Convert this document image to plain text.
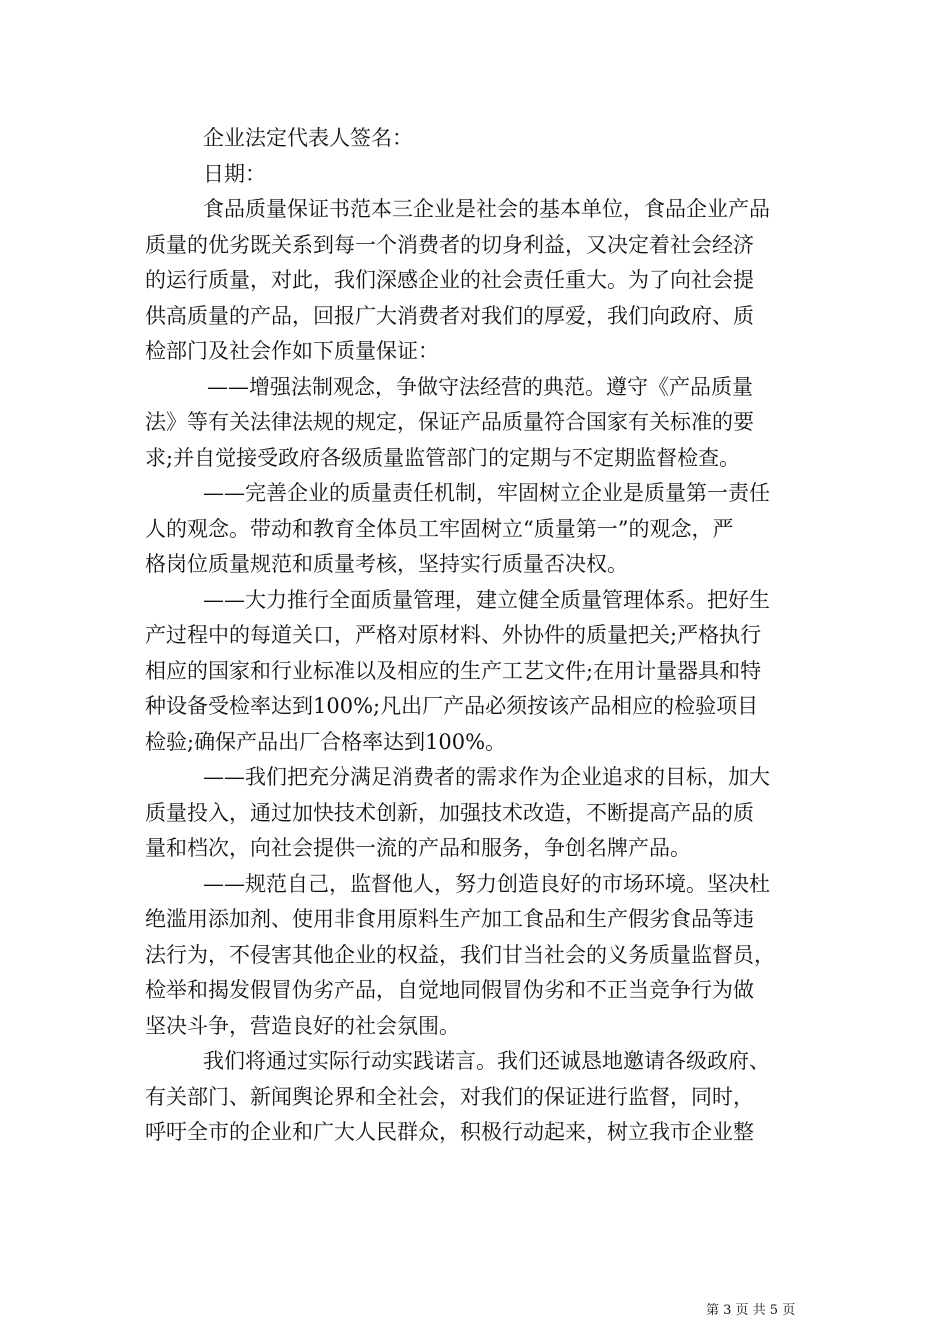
企业法定代表人签名：
日期：
食品质量保证书范本三企业是社会的基本单位，食品企业产品
质量的优劣既关系到每一个消费者的切身利益，又决定着社会经济
的运行质量，对此，我们深感企业的社会责任重大。为了向社会提
供高质量的产品，回报广大消费者对我们的厚爱，我们向政府、质
检部门及社会作如下质量保证：
——增强法制观念，争做守法经营的典范。遵守《产品质量
法》等有关法律法规的规定，保证产品质量符合国家有关标准的要
求;并自觉接受政府各级质量监管部门的定期与不定期监督检查。
——完善企业的质量责任机制，牢固树立企业是质量第一责任
人的观念。带动和教育全体员工牢固树立“质量第一”的观念，严
格岗位质量规范和质量考核，坚持实行质量否决权。
——大力推行全面质量管理，建立健全质量管理体系。把好生
产过程中的每道关口，严格对原材料、外协件的质量把关;严格执行
相应的国家和行业标准以及相应的生产工艺文件;在用计量器具和特
种设备受检率达到100%;凡出厂产品必须按该产品相应的检验项目
检验;确保产品出厂合格率达到100%。
——我们把充分满足消费者的需求作为企业追求的目标，加大
质量投入，通过加快技术创新，加强技术改造，不断提高产品的质
量和档次，向社会提供一流的产品和服务，争创名牌产品。
——规范自己，监督他人，努力创造良好的市场环境。坚决杜
绝滥用添加剂、使用非食用原料生产加工食品和生产假劣食品等违
法行为，不侵害其他企业的权益，我们甘当社会的义务质量监督员，
检举和揭发假冒伪劣产品，自觉地同假冒伪劣和不正当竞争行为做
坚决斗争，营造良好的社会氛围。
我们将通过实际行动实践诺言。我们还诚恳地邀请各级政府、
有关部门、新闻舆论界和全社会，对我们的保证进行监督，同时，
呼吁全市的企业和广大人民群众，积极行动起来，树立我市企业整
第 3 页 共 5 页
